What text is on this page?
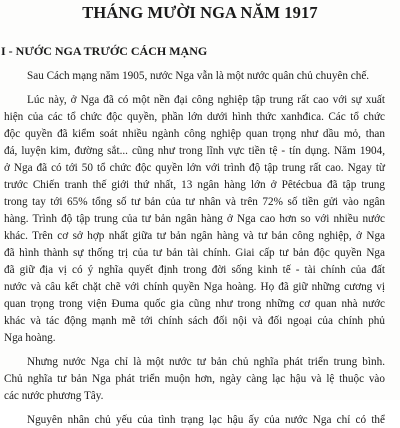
THÁNG MƯỜI NGA NĂM 1917
I - NƯỚC NGA TRƯỚC CÁCH MẠNG
Sau Cách mạng năm 1905, nước Nga vẫn là một nước quân chủ chuyên chế.
Lúc này, ở Nga đã có một nền đại công nghiệp tập trung rất cao với sự xuất
hiện của các tổ chức độc quyền, phần lớn dưới hình thức xanhđica. Các tổ chức
độc quyền đã kiểm soát nhiều ngành công nghiệp quan trọng như dầu mỏ, than
đá, luyện kim, đường sắt... cũng như trong lĩnh vực tiền tệ - tín dụng. Năm 1904,
ở Nga đã có tới 50 tổ chức độc quyền lớn với trình độ tập trung rất cao. Ngay từ
trước Chiến tranh thế giới thứ nhất, 13 ngân hàng lớn ở Pêtécbua đã tập trung
trong tay tới 65% tổng số tư bản của tư nhân và trên 72% số tiền gửi vào ngân
hàng. Trình độ tập trung của tư bản ngân hàng ở Nga cao hơn so với nhiều nước
khác. Trên cơ sở hợp nhất giữa tư bản ngân hàng và tư bản công nghiệp, ở Nga
đã hình thành sự thống trị của tư bản tài chính. Giai cấp tư bản độc quyền Nga
đã giữ địa vị có ý nghĩa quyết định trong đời sống kinh tế - tài chính của đất
nước và câu kết chặt chẽ với chính quyền Nga hoàng. Họ đã giữ những cương vị
quan trọng trong viện Đuma quốc gia cũng như trong những cơ quan nhà nước
khác và tác động mạnh mẽ tới chính sách đối nội và đối ngoại của chính phủ
Nga hoàng.
Nhưng nước Nga chỉ là một nước tư bản chủ nghĩa phát triển trung bình.
Chủ nghĩa tư bản Nga phát triển muộn hơn, ngày càng lạc hậu và lệ thuộc vào
các nước phương Tây.
Nguyên nhân chủ yếu của tình trạng lạc hậu ấy của nước Nga chỉ có thể
